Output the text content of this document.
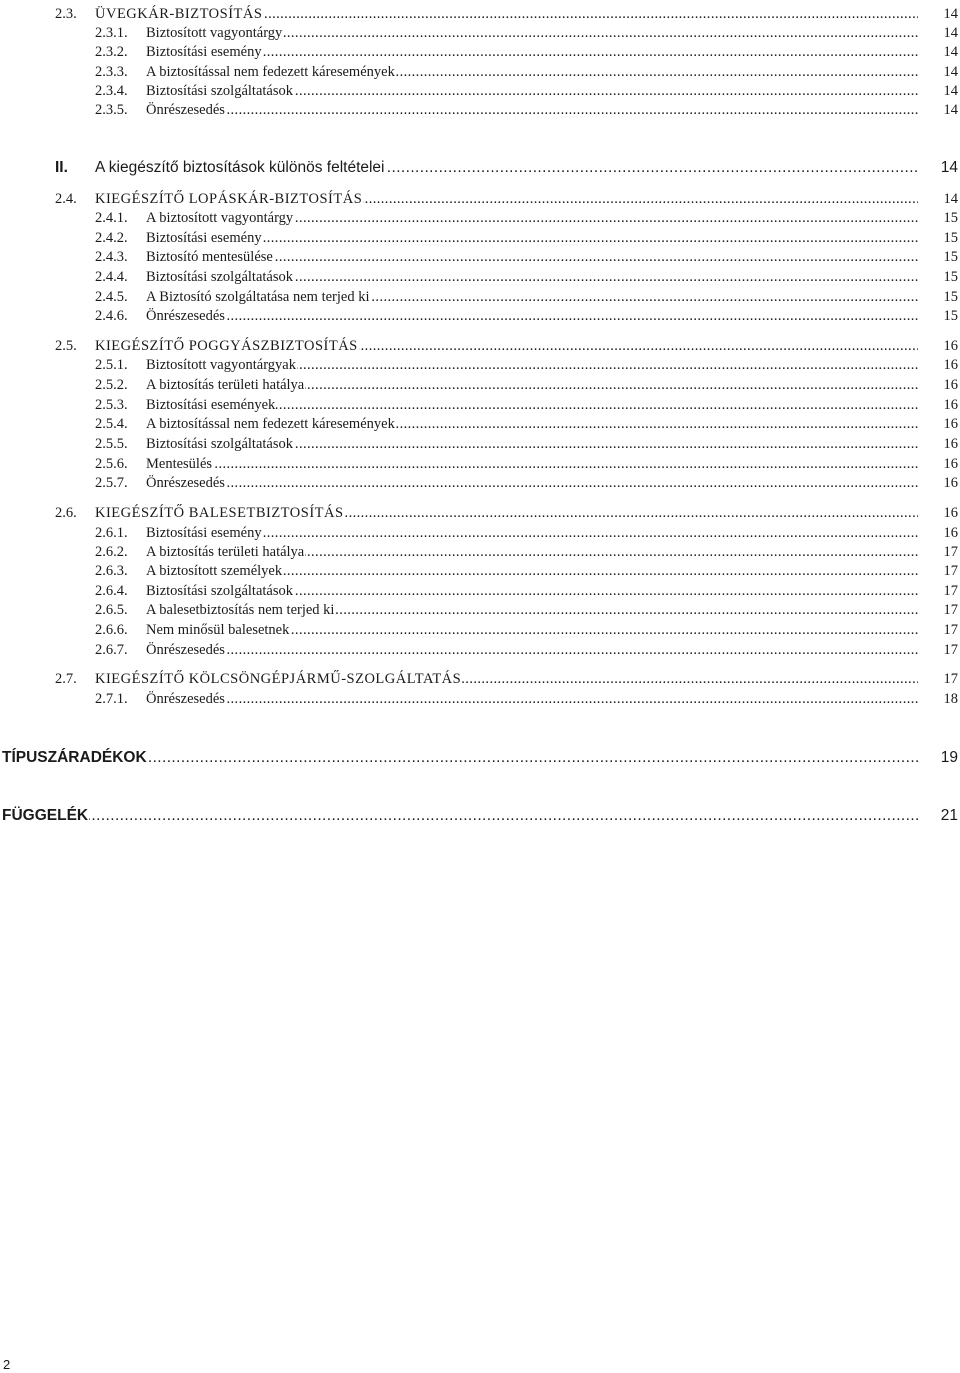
2.3. ÜVEGKÁR-BIZTOSÍTÁS .....	14
2.3.1. Biztosított vagyontárgy .....	14
2.3.2. Biztosítási esemény .....	14
2.3.3. A biztosítással nem fedezett káresemények .....	14
2.3.4. Biztosítási szolgáltatások .....	14
2.3.5. Önrészesedés .....	14
II. A kiegészítő biztosítások különös feltételei .....	14
2.4. KIEGÉSZÍTŐ LOPÁSKÁR-BIZTOSÍTÁS .....	14
2.4.1. A biztosított vagyontárgy .....	15
2.4.2. Biztosítási esemény .....	15
2.4.3. Biztosító mentesülése .....	15
2.4.4. Biztosítási szolgáltatások .....	15
2.4.5. A Biztosító szolgáltatása nem terjed ki .....	15
2.4.6. Önrészesedés .....	15
2.5. KIEGÉSZÍTŐ POGGYÁSZBIZTOSÍTÁS .....	16
2.5.1. Biztosított vagyontárgyak .....	16
2.5.2. A biztosítás területi hatálya .....	16
2.5.3. Biztosítási események .....	16
2.5.4. A biztosítással nem fedezett káresemények .....	16
2.5.5. Biztosítási szolgáltatások .....	16
2.5.6. Mentesülés .....	16
2.5.7. Önrészesedés .....	16
2.6. KIEGÉSZÍTŐ BALESETBIZTOSÍTÁS .....	16
2.6.1. Biztosítási esemény .....	16
2.6.2. A biztosítás területi hatálya .....	17
2.6.3. A biztosított személyek .....	17
2.6.4. Biztosítási szolgáltatások .....	17
2.6.5. A balesetbiztosítás nem terjed ki .....	17
2.6.6. Nem minősül balesetnek .....	17
2.6.7. Önrészesedés .....	17
2.7. KIEGÉSZÍTŐ KÖLCSÖNGÉPJÁRMŰ-SZOLGÁLTATÁS .....	17
2.7.1. Önrészesedés .....	18
TÍPUSZÁRADÉKOK .....	19
FÜGGELÉK .....	21
2
